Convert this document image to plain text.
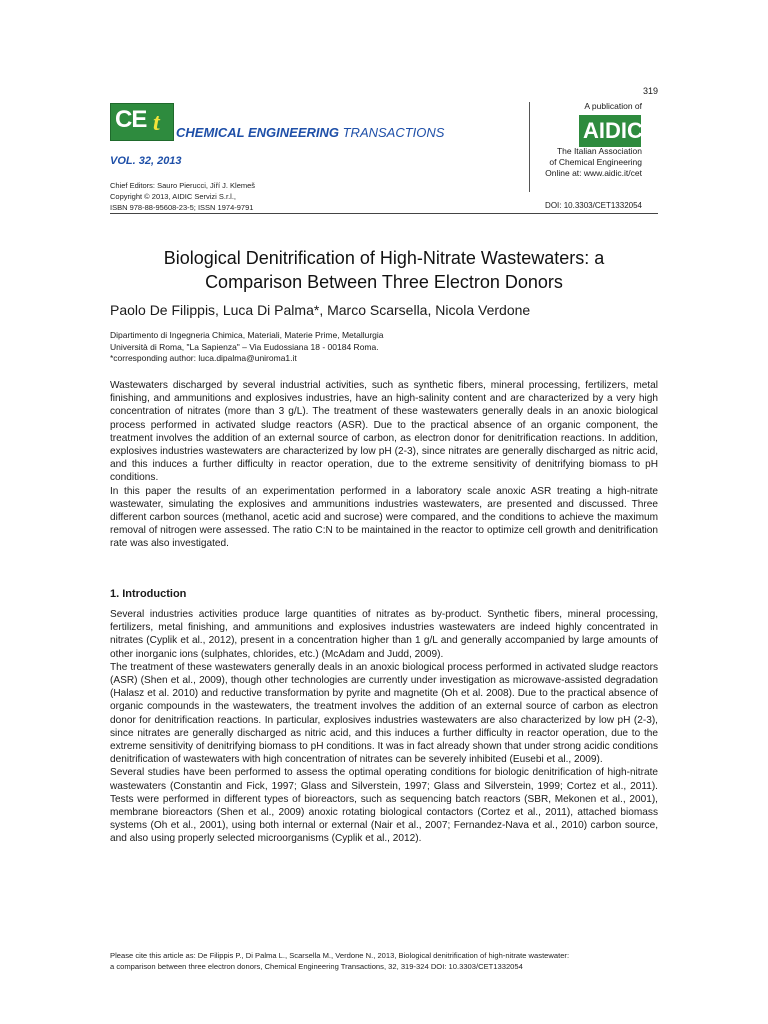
319
CE t CHEMICAL ENGINEERING TRANSACTIONS
VOL. 32, 2013
Chief Editors: Sauro Pierucci, Jiří J. Klemeš
Copyright © 2013, AIDIC Servizi S.r.l.,
ISBN 978-88-95608-23-5; ISSN 1974-9791
A publication of
AIDIC
The Italian Association
of Chemical Engineering
Online at: www.aidic.it/cet
DOI: 10.3303/CET1332054
Biological Denitrification of High-Nitrate Wastewaters: a
Comparison Between Three Electron Donors
Paolo De Filippis, Luca Di Palma*, Marco Scarsella, Nicola Verdone
Dipartimento di Ingegneria Chimica, Materiali, Materie Prime, Metallurgia
Università di Roma, "La Sapienza" – Via Eudossiana 18 - 00184 Roma.
*corresponding author: luca.dipalma@uniroma1.it
Wastewaters discharged by several industrial activities, such as synthetic fibers, mineral processing, fertilizers, metal finishing, and ammunitions and explosives industries, have an high-salinity content and are characterized by a very high concentration of nitrates (more than 3 g/L). The treatment of these wastewaters generally deals in an anoxic biological process performed in activated sludge reactors (ASR). Due to the practical absence of an organic component, the treatment involves the addition of an external source of carbon, as electron donor for denitrification reactions. In addition, explosives industries wastewaters are characterized by low pH (2-3), since nitrates are generally discharged as nitric acid, and this induces a further difficulty in reactor operation, due to the extreme sensitivity of denitrifying biomass to pH conditions.
In this paper the results of an experimentation performed in a laboratory scale anoxic ASR treating a high-nitrate wastewater, simulating the explosives and ammunitions industries wastewaters, are presented and discussed. Three different carbon sources (methanol, acetic acid and sucrose) were compared, and the conditions to achieve the maximum removal of nitrogen were assessed. The ratio C:N to be maintained in the reactor to optimize cell growth and denitrification rate was also investigated.
1. Introduction
Several industries activities produce large quantities of nitrates as by-product. Synthetic fibers, mineral processing, fertilizers, metal finishing, and ammunitions and explosives industries wastewaters are indeed highly concentrated in nitrates (Cyplik et al., 2012), present in a concentration higher than 1 g/L and generally accompanied by large amounts of other inorganic ions (sulphates, chlorides, etc.) (McAdam and Judd, 2009).
The treatment of these wastewaters generally deals in an anoxic biological process performed in activated sludge reactors (ASR) (Shen et al., 2009), though other technologies are currently under investigation as microwave-assisted degradation (Halasz et al. 2010) and reductive transformation by pyrite and magnetite (Oh et al. 2008). Due to the practical absence of organic compounds in the wastewaters, the treatment involves the addition of an external source of carbon as electron donor for denitrification reactions. In particular, explosives industries wastewaters are also characterized by low pH (2-3), since nitrates are generally discharged as nitric acid, and this induces a further difficulty in reactor operation, due to the extreme sensitivity of denitrifying biomass to pH conditions. It was in fact already shown that under strong acidic conditions denitrification of wastewaters with high concentration of nitrates can be severely inhibited (Eusebi et al., 2009).
Several studies have been performed to assess the optimal operating conditions for biologic denitrification of high-nitrate wastewaters (Constantin and Fick, 1997; Glass and Silverstein, 1997; Glass and Silverstein, 1999; Cortez et al., 2011). Tests were performed in different types of bioreactors, such as sequencing batch reactors (SBR, Mekonen et al., 2001), membrane bioreactors (Shen et al., 2009) anoxic rotating biological contactors (Cortez et al., 2011), attached biomass systems (Oh et al., 2001), using both internal or external (Nair et al., 2007; Fernandez-Nava et al., 2010) carbon source, and also using properly selected microorganisms (Cyplik et al., 2012).
Please cite this article as: De Filippis P., Di Palma L., Scarsella M., Verdone N., 2013, Biological denitrification of high-nitrate wastewater:
a comparison between three electron donors, Chemical Engineering Transactions, 32, 319-324 DOI: 10.3303/CET1332054
